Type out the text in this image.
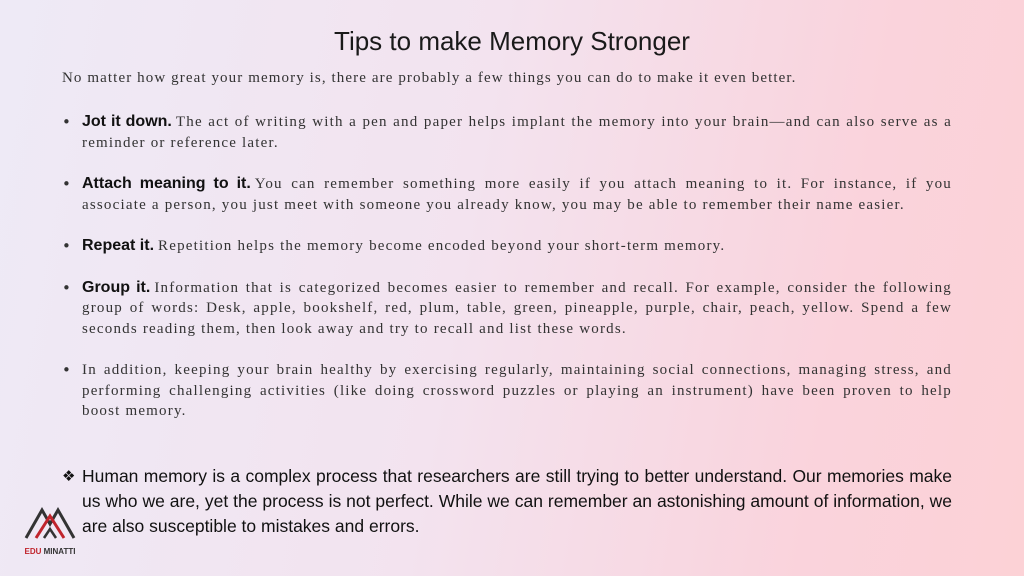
Tips to make Memory Stronger

No matter how great your memory is, there are probably a few things you can do to make it even better.

• Jot it down. The act of writing with a pen and paper helps implant the memory into your brain—and can also serve as a reminder or reference later.
• Attach meaning to it. You can remember something more easily if you attach meaning to it. For instance, if you associate a person, you just meet with someone you already know, you may be able to remember their name easier.
• Repeat it. Repetition helps the memory become encoded beyond your short-term memory.
• Group it. Information that is categorized becomes easier to remember and recall. For example, consider the following group of words: Desk, apple, bookshelf, red, plum, table, green, pineapple, purple, chair, peach, yellow. Spend a few seconds reading them, then look away and try to recall and list these words.
• In addition, keeping your brain healthy by exercising regularly, maintaining social connections, managing stress, and performing challenging activities (like doing crossword puzzles or playing an instrument) have been proven to help boost memory.
❖ Human memory is a complex process that researchers are still trying to better understand. Our memories make us who we are, yet the process is not perfect. While we can remember an astonishing amount of information, we are also susceptible to mistakes and errors.
EDU MINATTI
